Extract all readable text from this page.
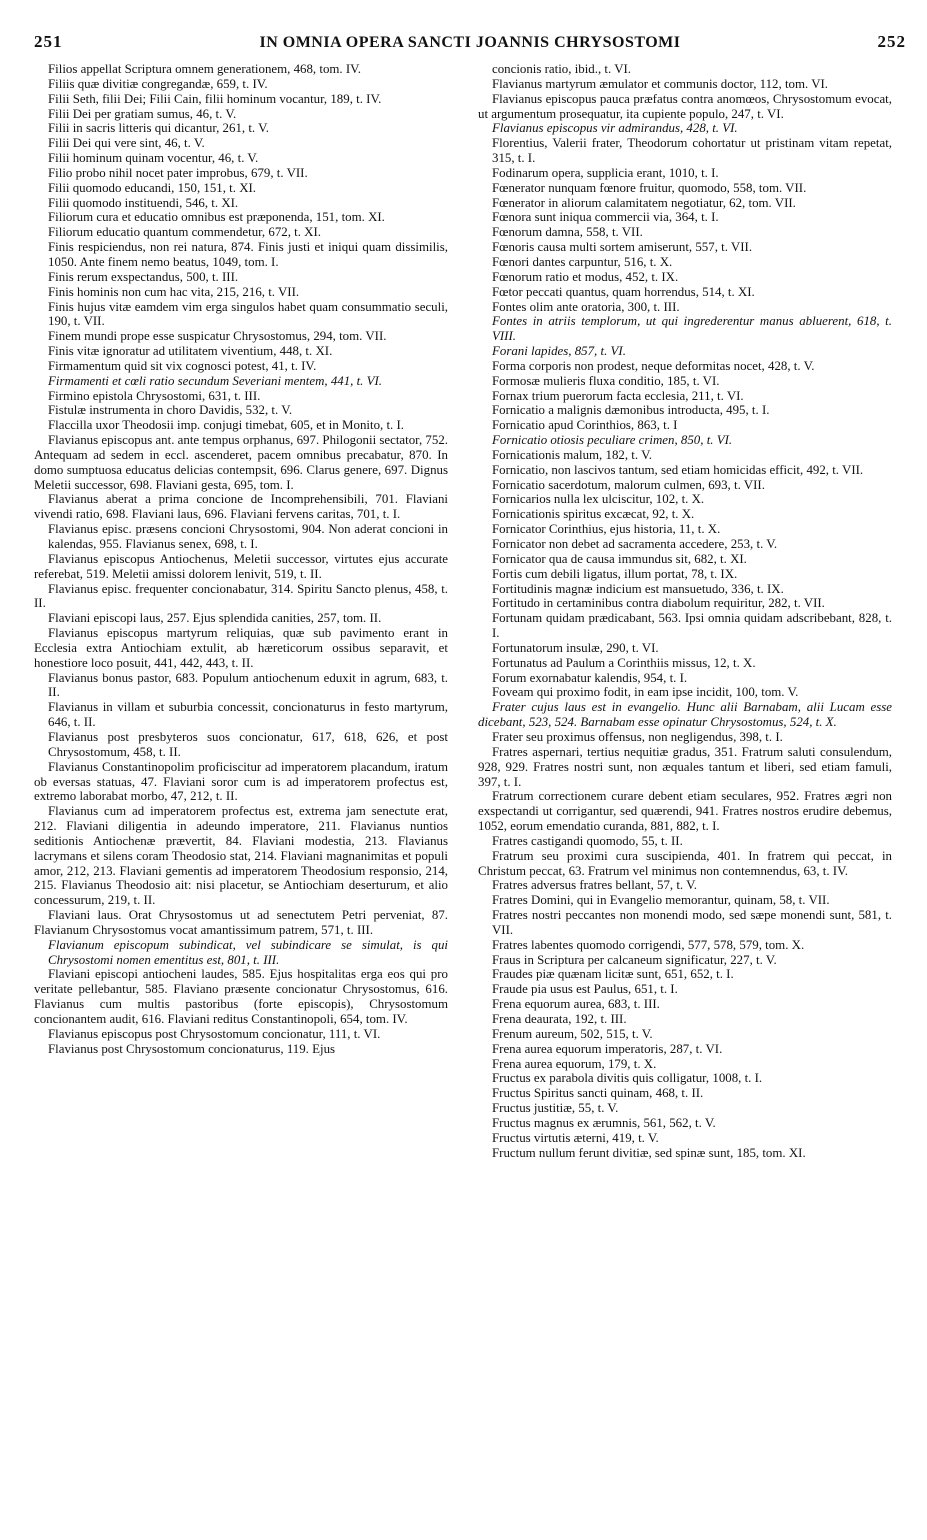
251	IN OMNIA OPERA SANCTI JOANNIS CHRYSOSTOMI	252

Filios appellat Scriptura omnem generationem, 468, tom. IV.

Filiis quæ divitiæ congregandæ, 659, t. IV.

Filii Seth, filii Dei; Filii Cain, filii hominum vocantur, 189, t. IV.

Filii Dei per gratiam sumus, 46, t. V.

Filii in sacris litteris qui dicantur, 261, t. V.

Filii Dei qui vere sint, 46, t. V.

Filii hominum quinam vocentur, 46, t. V.

Filio probo nihil nocet pater improbus, 679, t. VII.

Filii quomodo educandi, 150, 151, t. XI.

Filii quomodo instituendi, 546, t. XI.

Filiorum cura et educatio omnibus est præponenda, 151, tom. XI.

Filiorum educatio quantum commendetur, 672, t. XI.

Finis respiciendus, non rei natura, 874. Finis justi et iniqui quam dissimilis, 1050. Ante finem nemo beatus, 1049, tom. I.

Finis rerum exspectandus, 500, t. III.

Finis hominis non cum hac vita, 215, 216, t. VII.

Finis hujus vitæ eamdem vim erga singulos habet quam consummatio seculi, 190, t. VII.

Finem mundi prope esse suspicatur Chrysostomus, 294, tom. VII.

Finis vitæ ignoratur ad utilitatem viventium, 448, t. XI.

Firmamentum quid sit vix cognosci potest, 41, t. IV.

Firmamenti et cœli ratio secundum Severiani mentem, 441, t. VI.

Firmino epistola Chrysostomi, 631, t. III.

Fistulæ instrumenta in choro Davidis, 532, t. V.

Flaccilla uxor Theodosii imp. conjugi timebat, 605, et in Monito, t. I.

Flavianus episcopus ant. ante tempus orphanus, 697. Philogonii sectator, 752. Antequam ad sedem in eccl. ascenderet, pacem omnibus precabatur, 870. In domo sumptuosa educatus delicias contempsit, 696. Clarus genere, 697. Dignus Meletii successor, 698. Flaviani gesta, 695, tom. I.

Flavianus aberat a prima concione de Incomprehensibili, 701. Flaviani vivendi ratio, 698. Flaviani laus, 696. Flaviani fervens caritas, 701, t. I.

Flavianus episc. præsens concioni Chrysostomi, 904. Non aderat concioni in kalendas, 955. Flavianus senex, 698, t. I.

Flavianus episcopus Antiochenus, Meletii successor, virtutes ejus accurate referebat, 519. Meletii amissi dolorem lenivit, 519, t. II.

Flavianus episc. frequenter concionabatur, 314. Spiritu Sancto plenus, 458, t. II.

Flaviani episcopi laus, 257. Ejus splendida canities, 257, tom. II.

Flavianus episcopus martyrum reliquias, quæ sub pavimento erant in Ecclesia extra Antiochiam extulit, ab hæreticorum ossibus separavit, et honestiore loco posuit, 441, 442, 443, t. II.

Flavianus bonus pastor, 683. Populum antiochenum eduxit in agrum, 683, t. II.

Flavianus in villam et suburbia concessit, concionaturus in festo martyrum, 646, t. II.

Flavianus post presbyteros suos concionatur, 617, 618, 626, et post Chrysostomum, 458, t. II.

Flavianus Constantinopolim proficiscitur ad imperatorem placandum, iratum ob eversas statuas, 47. Flaviani soror cum is ad imperatorem profectus est, extremo laborabat morbo, 47, 212, t. II.

Flavianus cum ad imperatorem profectus est, extrema jam senectute erat, 212. Flaviani diligentia in adeundo imperatore, 211. Flavianus nuntios seditionis Antiochenæ prævertit, 84. Flaviani modestia, 213. Flavianus lacrymans et silens coram Theodosio stat, 214. Flaviani magnanimitas et populi amor, 212, 213. Flaviani gementis ad imperatorem Theodosium responsio, 214, 215. Flavianus Theodosio ait: nisi placetur, se Antiochiam deserturum, et alio concessurum, 219, t. II.

Flaviani laus. Orat Chrysostomus ut ad senectutem Petri perveniat, 87. Flavianum Chrysostomus vocat amantissimum patrem, 571, t. III.

Flavianum episcopum subindicat, vel subindicare se simulat, is qui Chrysostomi nomen ementitus est, 801, t. III.

Flaviani episcopi antiocheni laudes, 585. Ejus hospitalitas erga eos qui pro veritate pellebantur, 585. Flaviano præsente concionatur Chrysostomus, 616. Flavianus cum multis pastoribus (forte episcopis), Chrysostomum concionantem audit, 616. Flaviani reditus Constantinopoli, 654, tom. IV.

Flavianus episcopus post Chrysostomum concionatur, 111, t. VI.

Flavianus post Chrysostomum concionaturus, 119. Ejus

concionis ratio, ibid., t. VI.

Flavianus martyrum æmulator et communis doctor, 112, tom. VI.

Flavianus episcopus pauca præfatus contra anomœos, Chrysostomum evocat, ut argumentum prosequatur, ita cupiente populo, 247, t. VI.

Flavianus episcopus vir admirandus, 428, t. VI.

Florentius, Valerii frater, Theodorum cohortatur ut pristinam vitam repetat, 315, t. I.

Fodinarum opera, supplicia erant, 1010, t. I.

Fœnerator nunquam fœnore fruitur, quomodo, 558, tom. VII.

Fœnerator in aliorum calamitatem negotiatur, 62, tom. VII.

Fœnora sunt iniqua commercii via, 364, t. I.

Fœnorum damna, 558, t. VII.

Fœnoris causa multi sortem amiserunt, 557, t. VII.

Fœnori dantes carpuntur, 516, t. X.

Fœnorum ratio et modus, 452, t. IX.

Fœtor peccati quantus, quam horrendus, 514, t. XI.

Fontes olim ante oratoria, 300, t. III.

Fontes in atriis templorum, ut qui ingrederentur manus abluerent, 618, t. VIII.

Forani lapides, 857, t. VI.

Forma corporis non prodest, neque deformitas nocet, 428, t. V.

Formosæ mulieris fluxa conditio, 185, t. VI.

Fornax trium puerorum facta ecclesia, 211, t. VI.

Fornicatio a malignis dæmonibus introducta, 495, t. I.

Fornicatio apud Corinthios, 863, t. I

Fornicatio otiosis peculiare crimen, 850, t. VI.

Fornicationis malum, 182, t. V.

Fornicatio, non lascivos tantum, sed etiam homicidas efficit, 492, t. VII.

Fornicatio sacerdotum, malorum culmen, 693, t. VII.

Fornicarios nulla lex ulciscitur, 102, t. X.

Fornicationis spiritus excæcat, 92, t. X.

Fornicator Corinthius, ejus historia, 11, t. X.

Fornicator non debet ad sacramenta accedere, 253, t. V.

Fornicator qua de causa immundus sit, 682, t. XI.

Fortis cum debili ligatus, illum portat, 78, t. IX.

Fortitudinis magnæ indicium est mansuetudo, 336, t. IX.

Fortitudo in certaminibus contra diabolum requiritur, 282, t. VII.

Fortunam quidam prædicabant, 563. Ipsi omnia quidam adscribebant, 828, t. I.

Fortunatorum insulæ, 290, t. VI.

Fortunatus ad Paulum a Corinthiis missus, 12, t. X.

Forum exornabatur kalendis, 954, t. I.

Foveam qui proximo fodit, in eam ipse incidit, 100, tom. V.

Frater cujus laus est in evangelio. Hunc alii Barnabam, alii Lucam esse dicebant, 523, 524. Barnabam esse opinatur Chrysostomus, 524, t. X.

Frater seu proximus offensus, non negligendus, 398, t. I.

Fratres aspernari, tertius nequitiæ gradus, 351. Fratrum saluti consulendum, 928, 929. Fratres nostri sunt, non æquales tantum et liberi, sed etiam famuli, 397, t. I.

Fratrum correctionem curare debent etiam seculares, 952. Fratres ægri non exspectandi ut corrigantur, sed quærendi, 941. Fratres nostros erudire debemus, 1052, eorum emendatio curanda, 881, 882, t. I.

Fratres castigandi quomodo, 55, t. II.

Fratrum seu proximi cura suscipienda, 401. In fratrem qui peccat, in Christum peccat, 63. Fratrum vel minimus non contemnendus, 63, t. IV.

Fratres adversus fratres bellant, 57, t. V.

Fratres Domini, qui in Evangelio memorantur, quinam, 58, t. VII.

Fratres nostri peccantes non monendi modo, sed sæpe monendi sunt, 581, t. VII.

Fratres labentes quomodo corrigendi, 577, 578, 579, tom. X.

Fraus in Scriptura per calcaneum significatur, 227, t. V.

Fraudes piæ quænam licitæ sunt, 651, 652, t. I.

Fraude pia usus est Paulus, 651, t. I.

Frena equorum aurea, 683, t. III.

Frena deaurata, 192, t. III.

Frenum aureum, 502, 515, t. V.

Frena aurea equorum imperatoris, 287, t. VI.

Frena aurea equorum, 179, t. X.

Fructus ex parabola divitis quis colligatur, 1008, t. I.

Fructus Spiritus sancti quinam, 468, t. II.

Fructus justitiæ, 55, t. V.

Fructus magnus ex ærumnis, 561, 562, t. V.

Fructus virtutis æterni, 419, t. V.

Fructum nullum ferunt divitiæ, sed spinæ sunt, 185, tom. XI.
